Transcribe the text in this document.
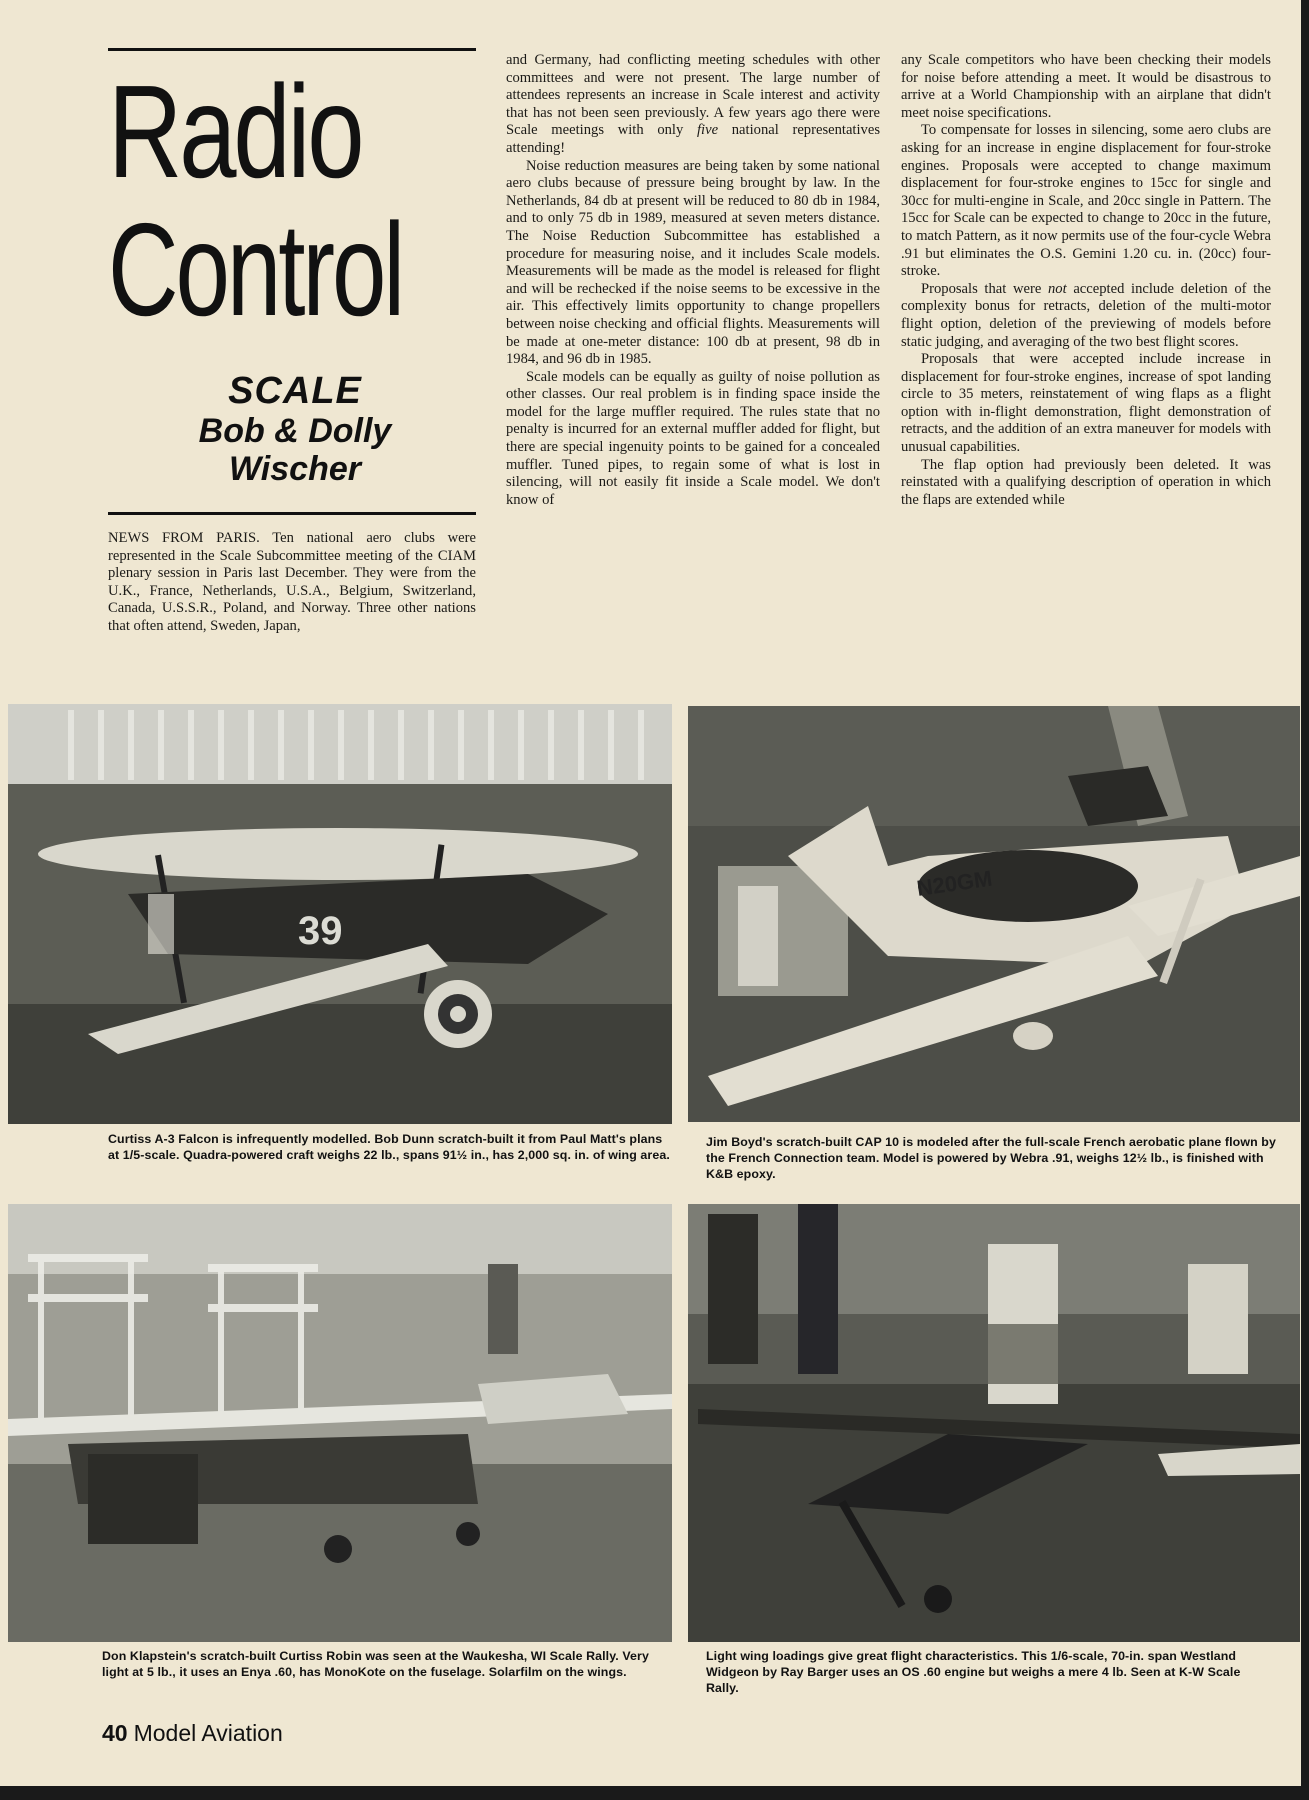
Radio
Control
SCALE
Bob & Dolly
Wischer

NEWS FROM PARIS. Ten national aero clubs were represented in the Scale Subcommittee meeting of the CIAM plenary session in Paris last December. They were from the U.K., France, Netherlands, U.S.A., Belgium, Switzerland, Canada, U.S.S.R., Poland, and Norway. Three other nations that often attend, Sweden, Japan,

and Germany, had conflicting meeting schedules with other committees and were not present. The large number of attendees represents an increase in Scale interest and activity that has not been seen previously. A few years ago there were Scale meetings with only five national representatives attending!

Noise reduction measures are being taken by some national aero clubs because of pressure being brought by law. In the Netherlands, 84 db at present will be reduced to 80 db in 1984, and to only 75 db in 1989, measured at seven meters distance. The Noise Reduction Subcommittee has established a procedure for measuring noise, and it includes Scale models. Measurements will be made as the model is released for flight and will be rechecked if the noise seems to be excessive in the air. This effectively limits opportunity to change propellers between noise checking and official flights. Measurements will be made at one-meter distance: 100 db at present, 98 db in 1984, and 96 db in 1985.

Scale models can be equally as guilty of noise pollution as other classes. Our real problem is in finding space inside the model for the large muffler required. The rules state that no penalty is incurred for an external muffler added for flight, but there are special ingenuity points to be gained for a concealed muffler. Tuned pipes, to regain some of what is lost in silencing, will not easily fit inside a Scale model. We don't know of

any Scale competitors who have been checking their models for noise before attending a meet. It would be disastrous to arrive at a World Championship with an airplane that didn't meet noise specifications.

To compensate for losses in silencing, some aero clubs are asking for an increase in engine displacement for four-stroke engines. Proposals were accepted to change maximum displacement for four-stroke engines to 15cc for single and 30cc for multi-engine in Scale, and 20cc single in Pattern. The 15cc for Scale can be expected to change to 20cc in the future, to match Pattern, as it now permits use of the four-cycle Webra .91 but eliminates the O.S. Gemini 1.20 cu. in. (20cc) four-stroke.

Proposals that were not accepted include deletion of the complexity bonus for retracts, deletion of the multi-motor flight option, deletion of the previewing of models before static judging, and averaging of the two best flight scores.

Proposals that were accepted include increase in displacement for four-stroke engines, increase of spot landing circle to 35 meters, reinstatement of wing flaps as a flight option with in-flight demonstration, flight demonstration of retracts, and the addition of an extra maneuver for models with unusual capabilities.

The flap option had previously been deleted. It was reinstated with a qualifying description of operation in which the flaps are extended while

39
N20GM
Curtiss A-3 Falcon is infrequently modelled. Bob Dunn scratch-built it from Paul Matt's plans at 1/5-scale. Quadra-powered craft weighs 22 lb., spans 91½ in., has 2,000 sq. in. of wing area.
Jim Boyd's scratch-built CAP 10 is modeled after the full-scale French aerobatic plane flown by the French Connection team. Model is powered by Webra .91, weighs 12½ lb., is finished with K&B epoxy.
Don Klapstein's scratch-built Curtiss Robin was seen at the Waukesha, WI Scale Rally. Very light at 5 lb., it uses an Enya .60, has MonoKote on the fuselage. Solarfilm on the wings.
Light wing loadings give great flight characteristics. This 1/6-scale, 70-in. span Westland Widgeon by Ray Barger uses an OS .60 engine but weighs a mere 4 lb. Seen at K-W Scale Rally.
40 Model Aviation
